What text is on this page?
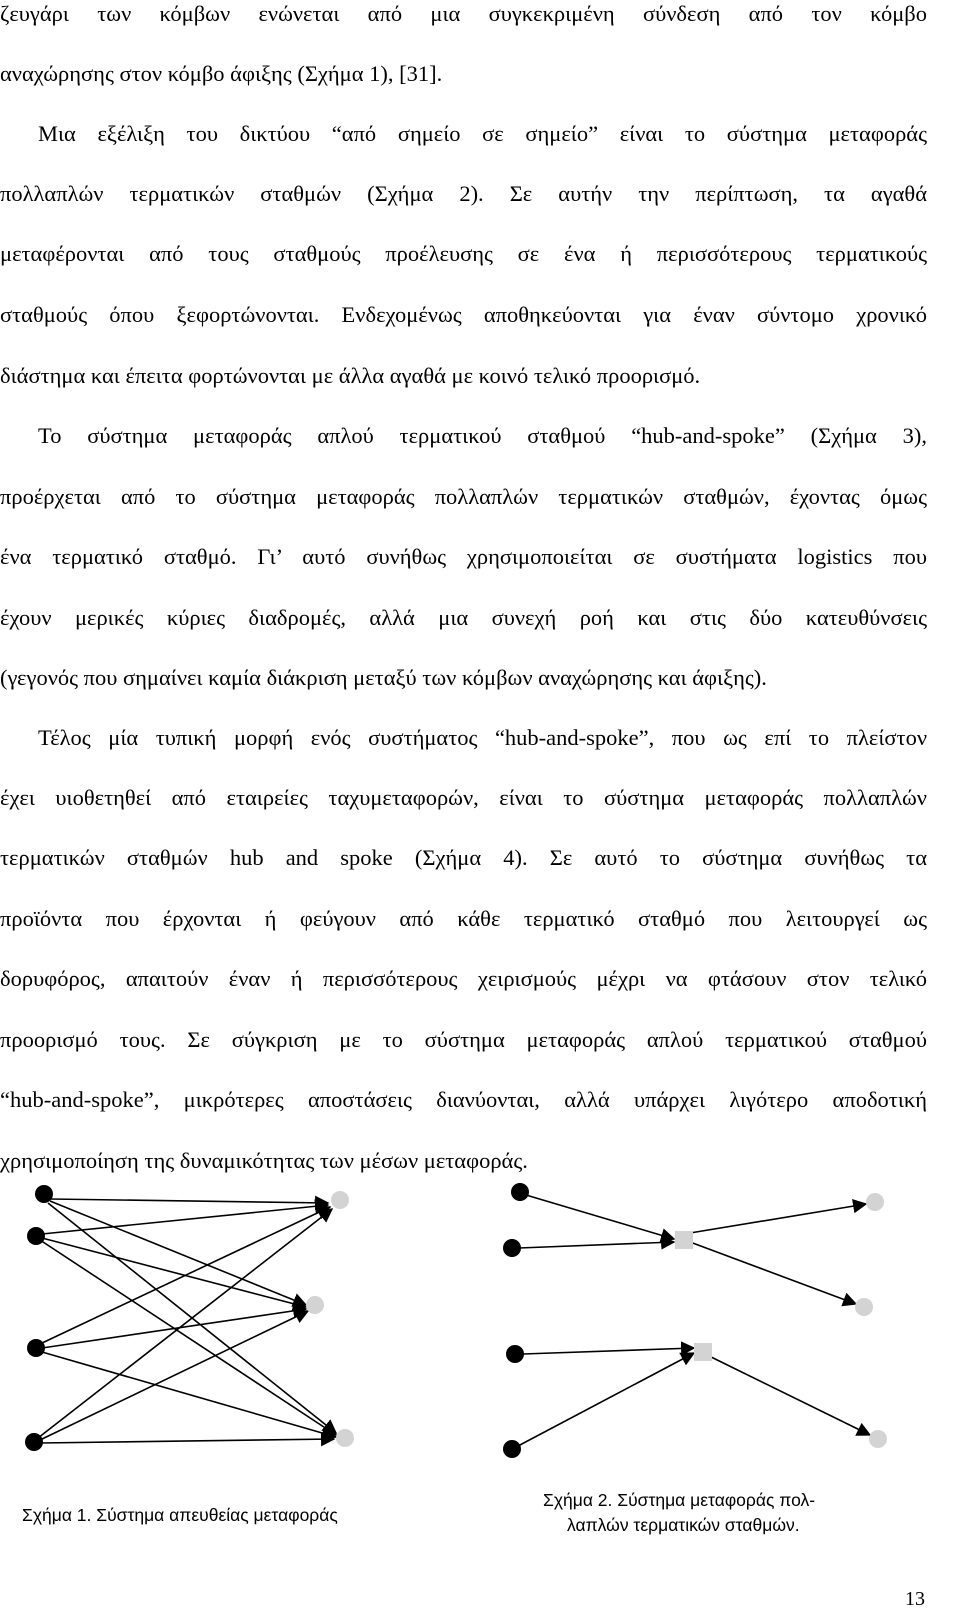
ζευγάρι των κόμβων ενώνεται από μια συγκεκριμένη σύνδεση από τον κόμβο

αναχώρησης στον κόμβο άφιξης (Σχήμα 1), [31].

Μια εξέλιξη του δικτύου “από σημείο σε σημείο” είναι το σύστημα μεταφοράς

πολλαπλών τερματικών σταθμών (Σχήμα 2). Σε αυτήν την περίπτωση, τα αγαθά

μεταφέρονται από τους σταθμούς προέλευσης σε ένα ή περισσότερους τερματικούς

σταθμούς όπου ξεφορτώνονται. Ενδεχομένως αποθηκεύονται για έναν σύντομο χρονικό

διάστημα και έπειτα φορτώνονται με άλλα αγαθά με κοινό τελικό προορισμό.

Το σύστημα μεταφοράς απλού τερματικού σταθμού “hub-and-spoke” (Σχήμα 3),

προέρχεται από το σύστημα μεταφοράς πολλαπλών τερματικών σταθμών, έχοντας όμως

ένα τερματικό σταθμό. Γι’ αυτό συνήθως χρησιμοποιείται σε συστήματα logistics που

έχουν μερικές κύριες διαδρομές, αλλά μια συνεχή ροή και στις δύο κατευθύνσεις

(γεγονός που σημαίνει καμία διάκριση μεταξύ των κόμβων αναχώρησης και άφιξης).

Τέλος μία τυπική μορφή ενός συστήματος “hub-and-spoke”, που ως επί το πλείστον

έχει υιοθετηθεί από εταιρείες ταχυμεταφορών, είναι το σύστημα μεταφοράς πολλαπλών

τερματικών σταθμών hub and spoke (Σχήμα 4). Σε αυτό το σύστημα συνήθως τα

προϊόντα που έρχονται ή φεύγουν από κάθε τερματικό σταθμό που λειτουργεί ως

δορυφόρος, απαιτούν έναν ή περισσότερους χειρισμούς μέχρι να φτάσουν στον τελικό

προορισμό τους. Σε σύγκριση με το σύστημα μεταφοράς απλού τερματικού σταθμού

“hub-and-spoke”, μικρότερες αποστάσεις διανύονται, αλλά υπάρχει λιγότερο αποδοτική

χρησιμοποίηση της δυναμικότητας των μέσων μεταφοράς.

Σχήμα 1. Σύστημα απευθείας μεταφοράς

Σχήμα 2. Σύστημα μεταφοράς πολ-

λαπλών τερματικών σταθμών.

13
